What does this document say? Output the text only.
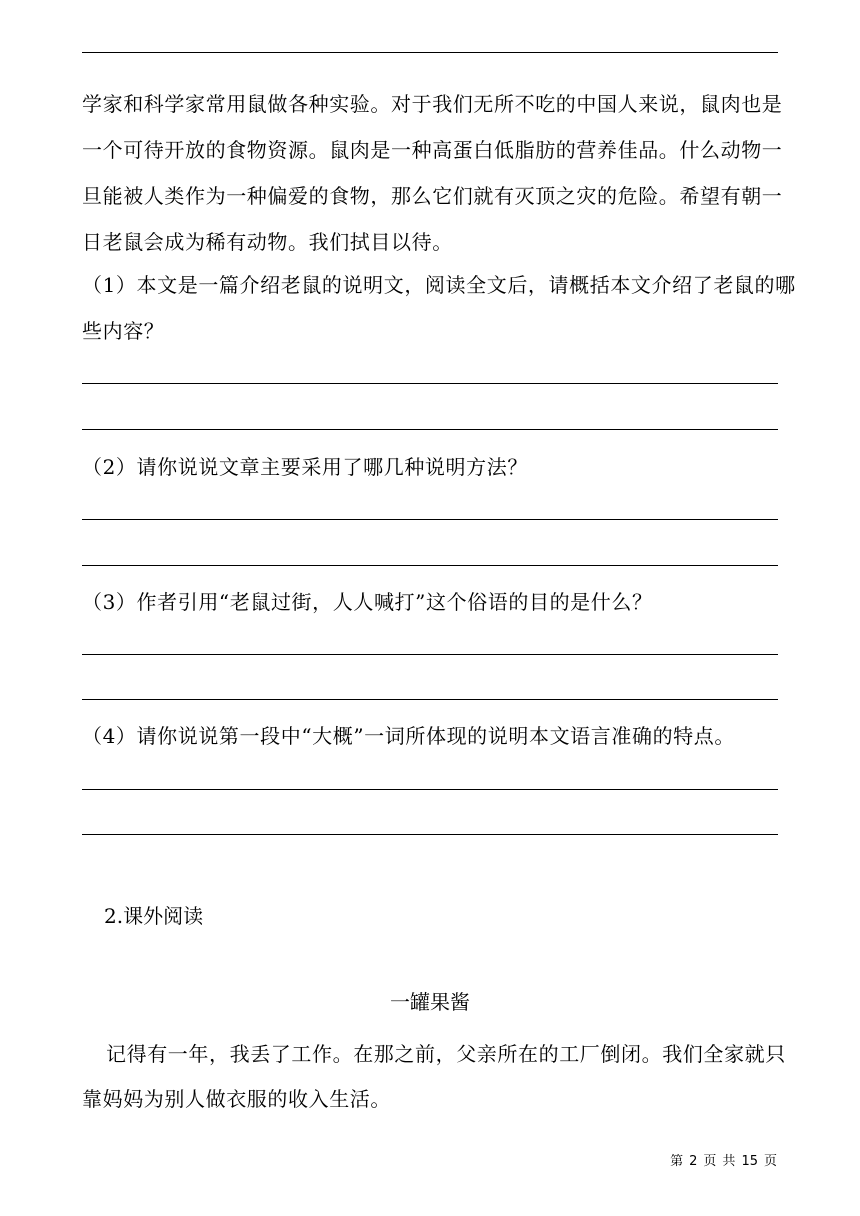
学家和科学家常用鼠做各种实验。对于我们无所不吃的中国人来说，鼠肉也是
一个可待开放的食物资源。鼠肉是一种高蛋白低脂肪的营养佳品。什么动物一
旦能被人类作为一种偏爱的食物，那么它们就有灭顶之灾的危险。希望有朝一
日老鼠会成为稀有动物。我们拭目以待。
（1）本文是一篇介绍老鼠的说明文，阅读全文后，请概括本文介绍了老鼠的哪
些内容？
（2）请你说说文章主要采用了哪几种说明方法？
（3）作者引用“老鼠过街，人人喊打”这个俗语的目的是什么？
（4）请你说说第一段中“大概”一词所体现的说明本文语言准确的特点。
2.课外阅读
一罐果酱
记得有一年，我丢了工作。在那之前，父亲所在的工厂倒闭。我们全家就只
靠妈妈为别人做衣服的收入生活。
第 2 页 共 15 页
